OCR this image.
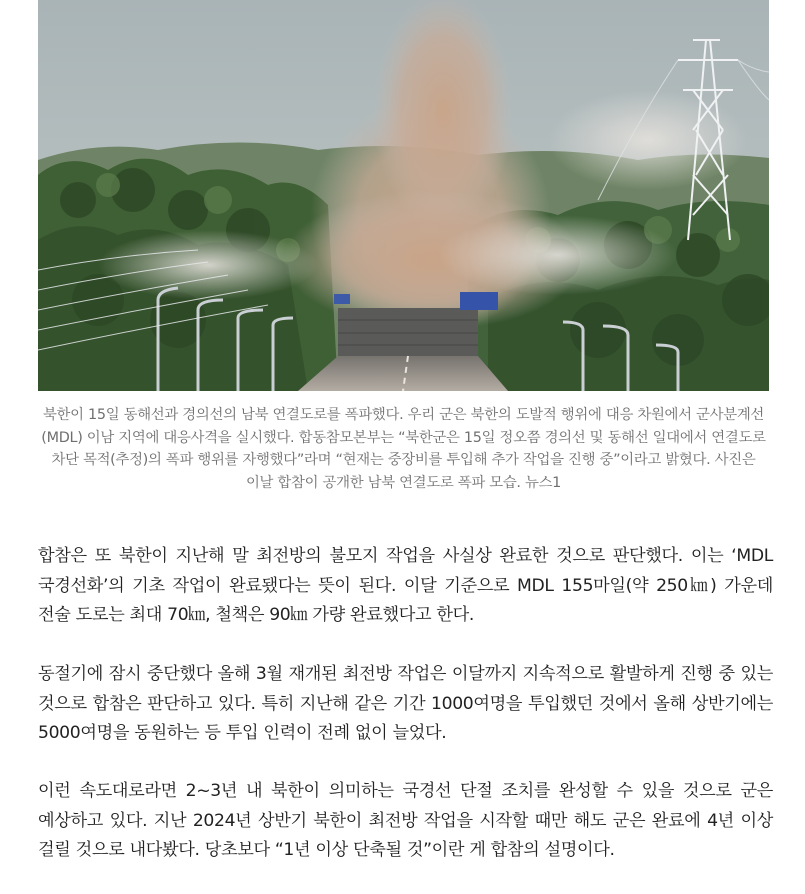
북한이 15일 동해선과 경의선의 남북 연결도로를 폭파했다. 우리 군은 북한의 도발적 행위에 대응 차원에서 군사분계선(MDL) 이남 지역에 대응사격을 실시했다. 합동참모본부는 “북한군은 15일 정오쯤 경의선 및 동해선 일대에서 연결도로 차단 목적(추정)의 폭파 행위를 자행했다”라며 “현재는 중장비를 투입해 추가 작업을 진행 중”이라고 밝혔다. 사진은 이날 합참이 공개한 남북 연결도로 폭파 모습. 뉴스1

합참은 또 북한이 지난해 말 최전방의 불모지 작업을 사실상 완료한 것으로 판단했다. 이는 ‘MDL 국경선화’의 기초 작업이 완료됐다는 뜻이 된다. 이달 기준으로 MDL 155마일(약 250㎞) 가운데 전술 도로는 최대 70㎞, 철책은 90㎞ 가량 완료했다고 한다.

동절기에 잠시 중단했다 올해 3월 재개된 최전방 작업은 이달까지 지속적으로 활발하게 진행 중 있는 것으로 합참은 판단하고 있다. 특히 지난해 같은 기간 1000여명을 투입했던 것에서 올해 상반기에는 5000여명을 동원하는 등 투입 인력이 전례 없이 늘었다.

이런 속도대로라면 2~3년 내 북한이 의미하는 국경선 단절 조치를 완성할 수 있을 것으로 군은 예상하고 있다. 지난 2024년 상반기 북한이 최전방 작업을 시작할 때만 해도 군은 완료에 4년 이상 걸릴 것으로 내다봤다. 당초보다 “1년 이상 단축될 것”이란 게 합참의 설명이다.
